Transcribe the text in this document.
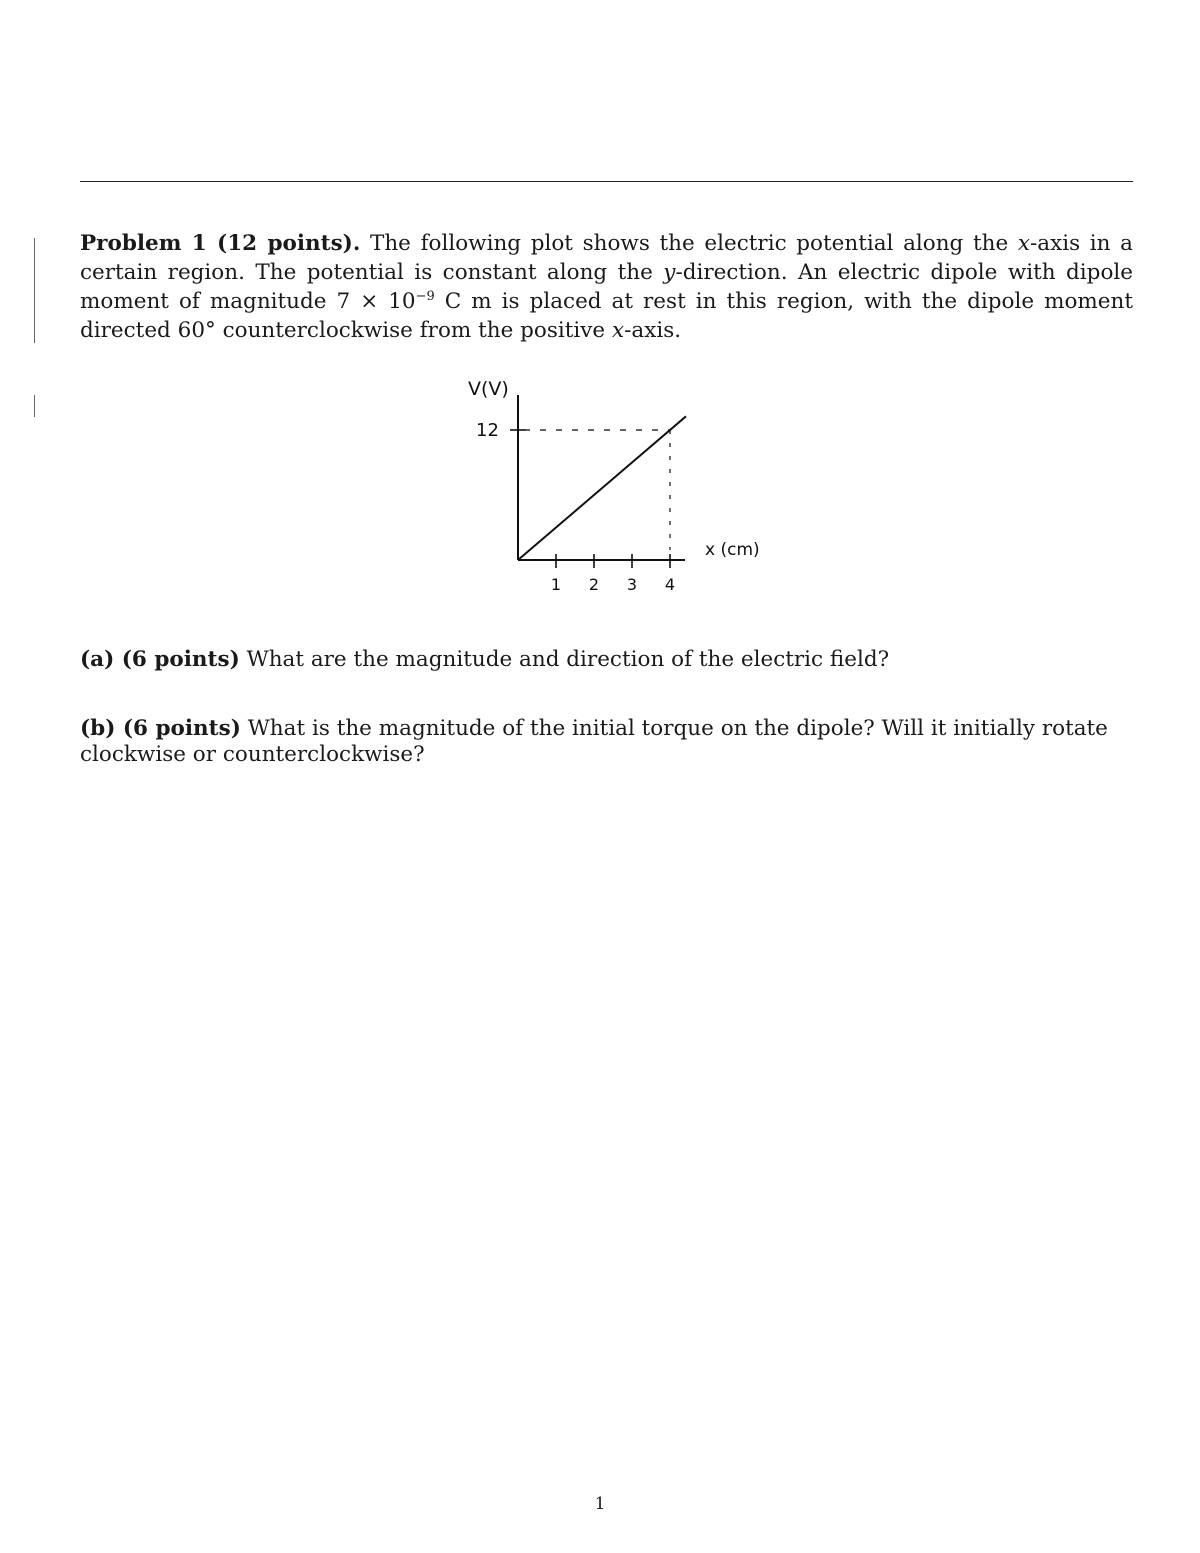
Problem 1 (12 points). The following plot shows the electric potential along the x-axis in a certain region. The potential is constant along the y-direction. An electric dipole with dipole moment of magnitude $7 \times 10^{-9}$ C m is placed at rest in this region, with the dipole moment directed 60° counterclockwise from the positive x-axis.

12
1 2 3 4
V(V)
x (cm)

(a) (6 points) What are the magnitude and direction of the electric field?

(b) (6 points) What is the magnitude of the initial torque on the dipole? Will it initially rotate clockwise or counterclockwise?

1
